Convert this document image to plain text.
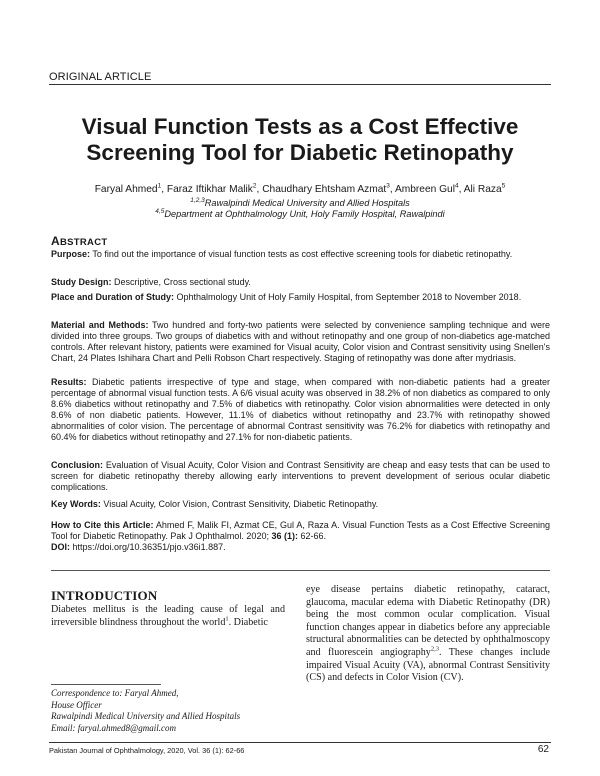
ORIGINAL ARTICLE
Visual Function Tests as a Cost Effective
Screening Tool for Diabetic Retinopathy
Faryal Ahmed$^1$, Faraz Iftikhar Malik$^2$, Chaudhary Ehtsham Azmat$^3$, Ambreen Gul$^4$, Ali Raza$^5$
$^{1,2,3}$Rawalpindi Medical University and Allied Hospitals
$^{4,5}$Department at Ophthalmology Unit, Holy Family Hospital, Rawalpindi
ABSTRACT
Purpose: To find out the importance of visual function tests as cost effective screening tools for diabetic retinopathy.
Study Design: Descriptive, Cross sectional study.
Place and Duration of Study: Ophthalmology Unit of Holy Family Hospital, from September 2018 to November 2018.
Material and Methods: Two hundred and forty-two patients were selected by convenience sampling technique and were divided into three groups. Two groups of diabetics with and without retinopathy and one group of non-diabetics age-matched controls. After relevant history, patients were examined for Visual acuity, Color vision and Contrast sensitivity using Snellen's Chart, 24 Plates Ishihara Chart and Pelli Robson Chart respectively. Staging of retinopathy was done after mydriasis.
Results: Diabetic patients irrespective of type and stage, when compared with non-diabetic patients had a greater percentage of abnormal visual function tests. A 6/6 visual acuity was observed in 38.2% of non diabetics as compared to only 8.6% diabetics without retinopathy and 7.5% of diabetics with retinopathy. Color vision abnormalities were detected in only 8.6% of non diabetic patients. However, 11.1% of diabetics without retinopathy and 23.7% with retinopathy showed abnormalities of color vision. The percentage of abnormal Contrast sensitivity was 76.2% for diabetics with retinopathy and 60.4% for diabetics without retinopathy and 27.1% for non-diabetic patients.
Conclusion: Evaluation of Visual Acuity, Color Vision and Contrast Sensitivity are cheap and easy tests that can be used to screen for diabetic retinopathy thereby allowing early interventions to prevent development of serious ocular diabetic complications.
Key Words: Visual Acuity, Color Vision, Contrast Sensitivity, Diabetic Retinopathy.
How to Cite this Article: Ahmed F, Malik FI, Azmat CE, Gul A, Raza A. Visual Function Tests as a Cost Effective Screening Tool for Diabetic Retinopathy. Pak J Ophthalmol. 2020; 36 (1): 62-66.
DOI: https://doi.org/10.36351/pjo.v36i1.887.
INTRODUCTION
Diabetes mellitus is the leading cause of legal and irreversible blindness throughout the world$^1$. Diabetic
eye disease pertains diabetic retinopathy, cataract, glaucoma, macular edema with Diabetic Retinopathy (DR) being the most common ocular complication. Visual function changes appear in diabetics before any appreciable structural abnormalities can be detected by ophthalmoscopy and fluorescein angiography$^{2,3}$. These changes include impaired Visual Acuity (VA), abnormal Contrast Sensitivity (CS) and defects in Color Vision (CV).
Correspondence to: Faryal Ahmed,
House Officer
Rawalpindi Medical University and Allied Hospitals
Email: faryal.ahmed8@gmail.com
Pakistan Journal of Ophthalmology, 2020, Vol. 36 (1): 62-66	62
